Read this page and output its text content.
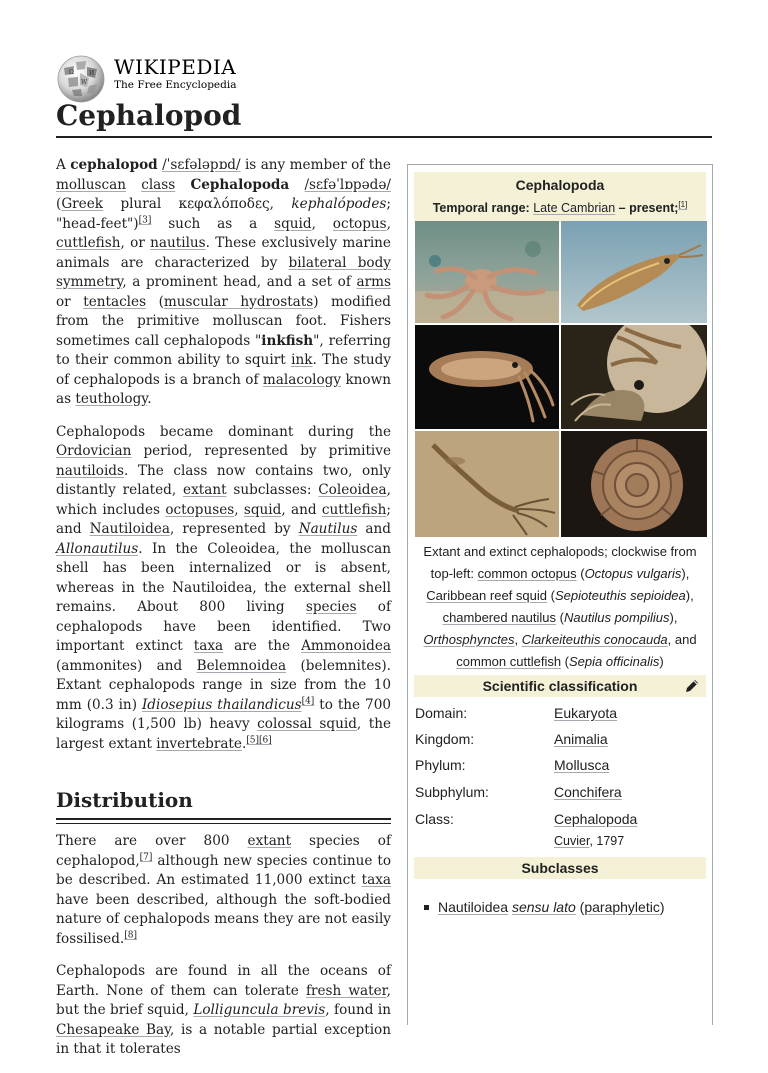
Ω
W
И WIKIPEDIA
The Free Encyclopedia
Cephalopod

A cephalopod /ˈsɛfələpɒd/ is any member of the molluscan class Cephalopoda /sɛfəˈlɒpədə/ (Greek plural κεφαλόποδες, kephalópodes; "head-feet")[3] such as a squid, octopus, cuttlefish, or nautilus. These exclusively marine animals are characterized by bilateral body symmetry, a prominent head, and a set of arms or tentacles (muscular hydrostats) modified from the primitive molluscan foot. Fishers sometimes call cephalopods "inkfish", referring to their common ability to squirt ink. The study of cephalopods is a branch of malacology known as teuthology.

Cephalopods became dominant during the Ordovician period, represented by primitive nautiloids. The class now contains two, only distantly related, extant subclasses: Coleoidea, which includes octopuses, squid, and cuttlefish; and Nautiloidea, represented by Nautilus and Allonautilus. In the Coleoidea, the molluscan shell has been internalized or is absent, whereas in the Nautiloidea, the external shell remains. About 800 living species of cephalopods have been identified. Two important extinct taxa are the Ammonoidea (ammonites) and Belemnoidea (belemnites). Extant cephalopods range in size from the 10 mm (0.3 in) Idiosepius thailandicus[4] to the 700 kilograms (1,500 lb) heavy colossal squid, the largest extant invertebrate.[5][6]

Distribution

There are over 800 extant species of cephalopod,[7] although new species continue to be described. An estimated 11,000 extinct taxa have been described, although the soft-bodied nature of cephalopods means they are not easily fossilised.[8]

Cephalopods are found in all the oceans of Earth. None of them can tolerate fresh water, but the brief squid, Lolliguncula brevis, found in Chesapeake Bay, is a notable partial exception in that it tolerates

Cephalopoda
Temporal range: Late Cambrian – present;[1]
Extant and extinct cephalopods; clockwise from top-left: common octopus (Octopus vulgaris), Caribbean reef squid (Sepioteuthis sepioidea), chambered nautilus (Nautilus pompilius), Orthosphynctes, Clarkeiteuthis conocauda, and common cuttlefish (Sepia officinalis)
Scientific classification
Domain:	Eukaryota
Kingdom:	Animalia
Phylum:	Mollusca
Subphylum:	Conchifera
Class:	Cephalopoda
Cuvier, 1797
Subclasses
Nautiloidea sensu lato (paraphyletic)
